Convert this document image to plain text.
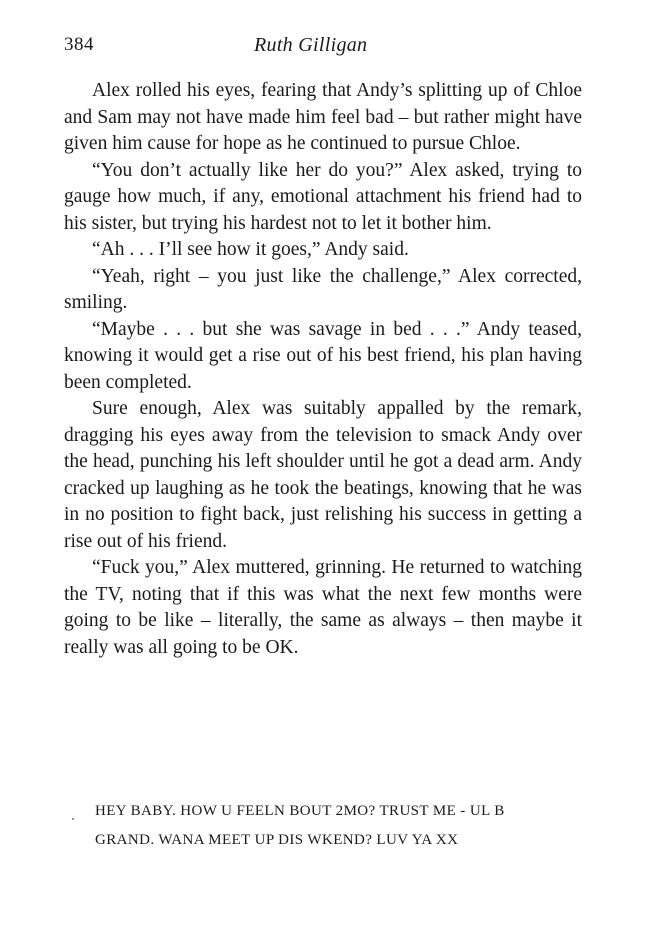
384	Ruth Gilligan

Alex rolled his eyes, fearing that Andy’s splitting up of Chloe and Sam may not have made him feel bad – but rather might have given him cause for hope as he continued to pursue Chloe.

“You don’t actually like her do you?” Alex asked, trying to gauge how much, if any, emotional attachment his friend had to his sister, but trying his hardest not to let it bother him.

“Ah . . . I’ll see how it goes,” Andy said.

“Yeah, right – you just like the challenge,” Alex corrected, smiling.

“Maybe . . . but she was savage in bed . . .” Andy teased, knowing it would get a rise out of his best friend, his plan having been completed.

Sure enough, Alex was suitably appalled by the remark, dragging his eyes away from the television to smack Andy over the head, punching his left shoulder until he got a dead arm. Andy cracked up laughing as he took the beatings, knowing that he was in no position to fight back, just relishing his success in getting a rise out of his friend.

“Fuck you,” Alex muttered, grinning. He returned to watching the TV, noting that if this was what the next few months were going to be like – literally, the same as always – then maybe it really was all going to be OK.

HEY BABY. HOW U FEELN BOUT 2MO? TRUST ME - UL B
GRAND. WANA MEET UP DIS WKEND? LUV YA XX
